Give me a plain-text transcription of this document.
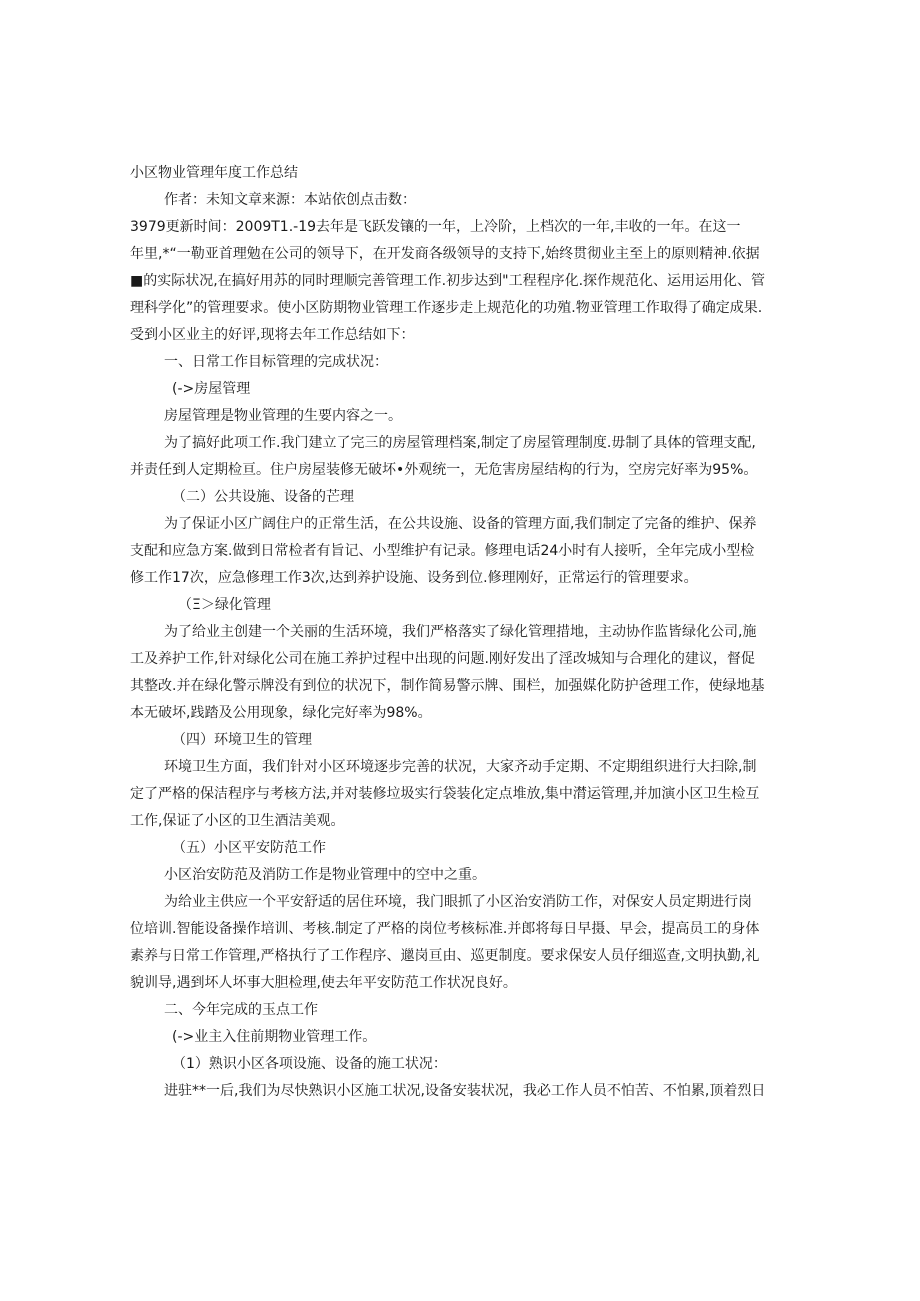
小区物业管理年度工作总结
作者：未知文章来源：本站依创点击数：
3979更新时间：2009T1.-19去年是飞跃发镶的一年，上冷阶，上档次的一年,丰收的一年。在这一
年里,*“一勒亚首理勉在公司的领导下，在开发商各级领导的支持下,始终贯彻业主至上的原则精神.依据
■的实际状况,在搞好用苏的同时理顺完善管理工作.初步达到"工程程序化.探作规范化、运用运用化、管
理科学化”的管理要求。使小区防期物业管理工作逐步走上规范化的功殖.物亚管理工作取得了确定成果.
受到小区业主的好评,现将去年工作总结如下：
一、日常工作目标管理的完成状况：
(->房屋管理
房屋管理是物业管理的生要内容之一。
为了搞好此项工作.我门建立了完三的房屋管理档案,制定了房屋管理制度.毋制了具体的管理支配,
并责任到人定期检亘。住户房屋装修无破坏•外观统一，无危害房屋结构的行为，空房完好率为95%。
（二）公共设施、设备的芒理
为了保证小区广阔住户的正常生活，在公共设施、设备的管理方面,我们制定了完备的维护、保养
支配和应急方案.做到日常检者有旨记、小型维护有记录。修理电话24小时有人接听，全年完成小型检
修工作17次，应急修理工作3次,达到养护设施、设务到位.修理刚好，正常运行的管理要求。
（Ξ＞绿化管理
为了给业主创建一个关丽的生活环境，我们严格落实了绿化管理措地，主动协作监皆绿化公司,施
工及养护工作,针对绿化公司在施工养护过程中出现的问题.刚好发出了淫改城知与合理化的建议，督促
其整改.并在绿化警示牌没有到位的状况下，制作简易警示牌、围栏，加强媒化防护爸理工作，使绿地基
本无破坏,践踏及公用现象，绿化完好率为98%。
（四）环境卫生的管理
环境卫生方面，我们针对小区环境逐步完善的状况，大家齐动手定期、不定期组织进行大扫除,制
定了严格的保洁程序与考核方法,并对装修垃圾实行袋装化定点堆放,集中潸运管理,并加演小区卫生检互
工作,保证了小区的卫生酒洁美观。
（五）小区平安防范工作
小区治安防范及消防工作是物业管理中的空中之重。
为给业主供应一个平安舒适的居住环境，我门眼抓了小区治安消防工作，对保安人员定期进行岗
位培训.智能设备操作培训、考核.制定了严格的岗位考核标准.并郎将每日早摄、早会，提高员工的身体
素养与日常工作管理,严格执行了工作程序、邋岗亘由、巡更制度。要求保安人员仔细巡查,文明执勤,礼
貌训导,遇到坏人坏事大胆检理,使去年平安防范工作状况良好。
二、今年完成的玉点工作
(->业主入住前期物业管理工作。
（1）熟识小区各项设施、设备的施工状况：
进驻**一后,我们为尽快熟识小区施工状况,设备安装状况，我必工作人员不怕苦、不怕累,顶着烈日
